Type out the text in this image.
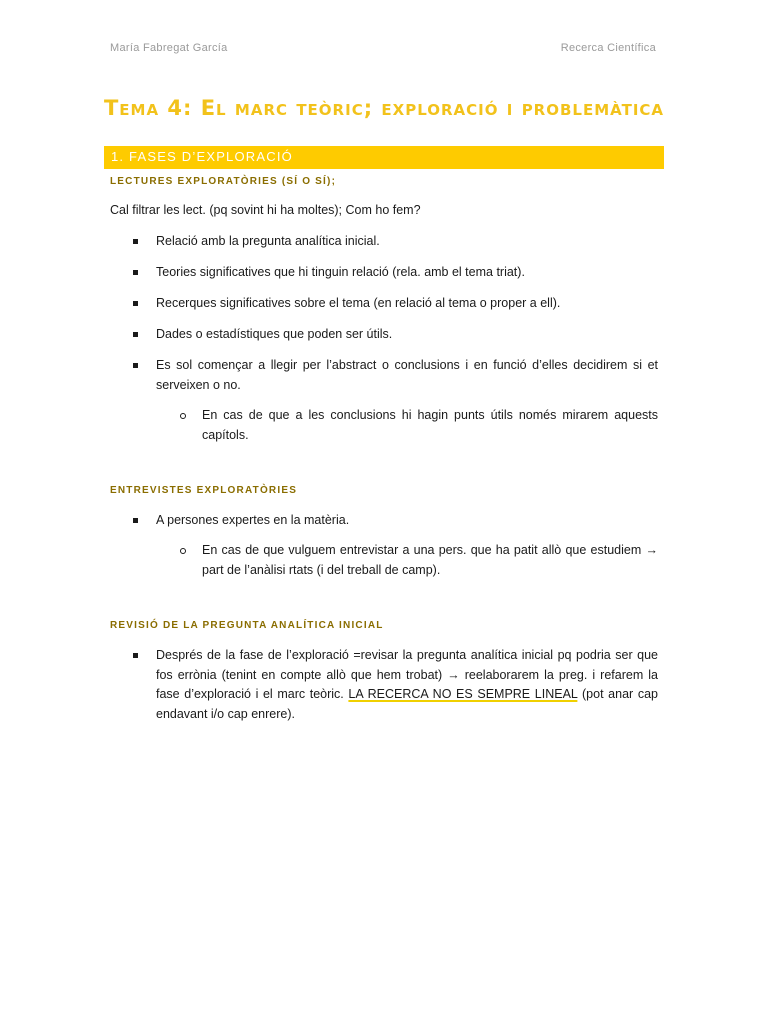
María Fabregat García	Recerca Científica
Tema 4: El marc teòric; exploració i problemàtica
1. FASES D’EXPLORACIÓ
LECTURES EXPLORATÒRIES (SÍ O SÍ);
Cal filtrar les lect. (pq sovint hi ha moltes); Com ho fem?
Relació amb la pregunta analítica inicial.
Teories significatives que hi tinguin relació (rela. amb el tema triat).
Recerques significatives sobre el tema (en relació al tema o proper a ell).
Dades o estadístiques que poden ser útils.
Es sol començar a llegir per l’abstract o conclusions i en funció d’elles decidirem si et serveixen o no.
En cas de que a les conclusions hi hagin punts útils només mirarem aquests capítols.
ENTREVISTES EXPLORATÒRIES
A persones expertes en la matèria.
En cas de que vulguem entrevistar a una pers. que ha patit allò que estudiem → part de l’anàlisi rtats (i del treball de camp).
REVISIÓ DE LA PREGUNTA ANALÍTICA INICIAL
Després de la fase de l’exploració =revisar la pregunta analítica inicial pq podria ser que fos errònia (tenint en compte allò que hem trobat) → reelaborarem la preg. i refarem la fase d’exploració i el marc teòric. LA RECERCA NO ES SEMPRE LINEAL (pot anar cap endavant i/o cap enrere).
